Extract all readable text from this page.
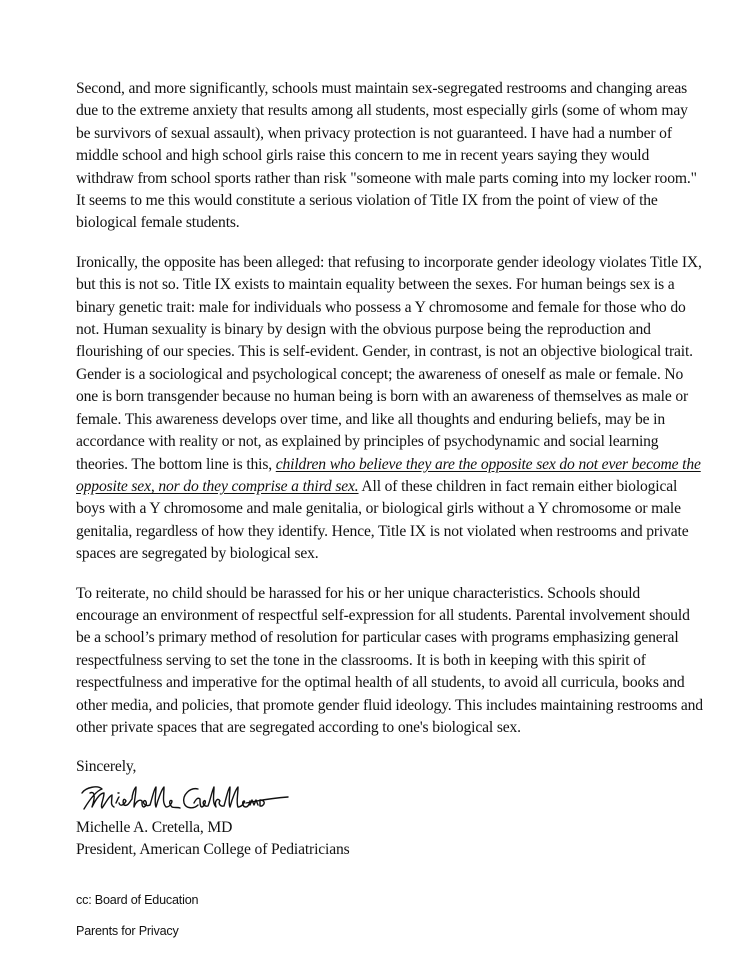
Second, and more significantly, schools must maintain sex-segregated restrooms and changing areas due to the extreme anxiety that results among all students, most especially girls (some of whom may be survivors of sexual assault), when privacy protection is not guaranteed. I have had a number of middle school and high school girls raise this concern to me in recent years saying they would withdraw from school sports rather than risk "someone with male parts coming into my locker room." It seems to me this would constitute a serious violation of Title IX from the point of view of the biological female students.

Ironically, the opposite has been alleged: that refusing to incorporate gender ideology violates Title IX, but this is not so. Title IX exists to maintain equality between the sexes. For human beings sex is a binary genetic trait: male for individuals who possess a Y chromosome and female for those who do not. Human sexuality is binary by design with the obvious purpose being the reproduction and flourishing of our species. This is self-evident. Gender, in contrast, is not an objective biological trait. Gender is a sociological and psychological concept; the awareness of oneself as male or female. No one is born transgender because no human being is born with an awareness of themselves as male or female. This awareness develops over time, and like all thoughts and enduring beliefs, may be in accordance with reality or not, as explained by principles of psychodynamic and social learning theories. The bottom line is this, children who believe they are the opposite sex do not ever become the opposite sex, nor do they comprise a third sex. All of these children in fact remain either biological boys with a Y chromosome and male genitalia, or biological girls without a Y chromosome or male genitalia, regardless of how they identify. Hence, Title IX is not violated when restrooms and private spaces are segregated by biological sex.

To reiterate, no child should be harassed for his or her unique characteristics. Schools should encourage an environment of respectful self-expression for all students. Parental involvement should be a school’s primary method of resolution for particular cases with programs emphasizing general respectfulness serving to set the tone in the classrooms. It is both in keeping with this spirit of respectfulness and imperative for the optimal health of all students, to avoid all curricula, books and other media, and policies, that promote gender fluid ideology. This includes maintaining restrooms and other private spaces that are segregated according to one's biological sex.

Sincerely,

Michelle A. Cretella, MD

President, American College of Pediatricians

cc: Board of Education

Parents for Privacy
